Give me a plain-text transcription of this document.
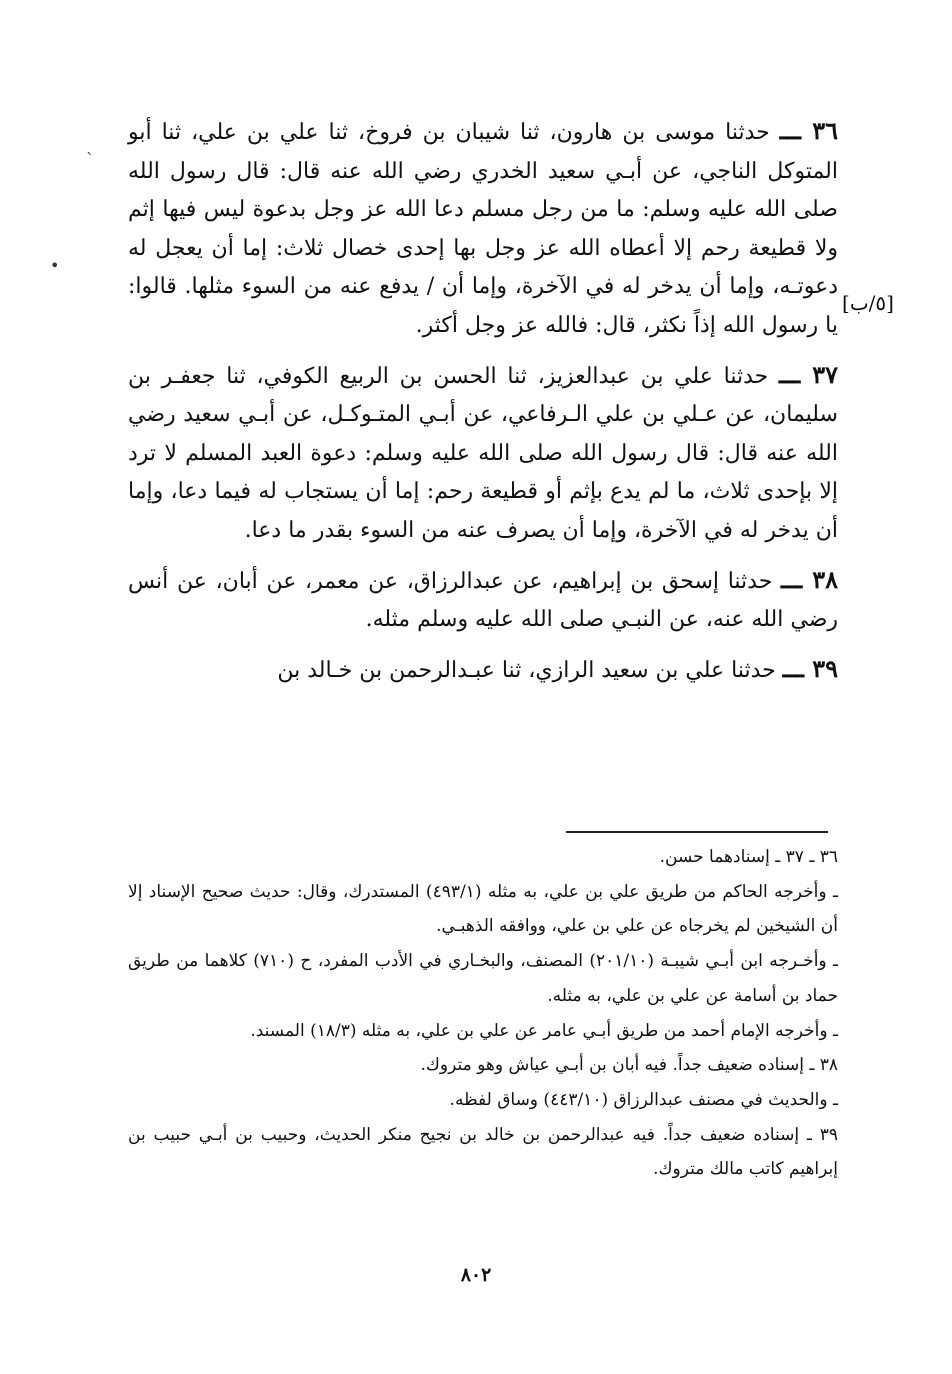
ˋ
•
[٥/ب]

٣٦ ـــ حدثنا موسى بن هارون، ثنا شيبان بن فروخ، ثنا علي بن علي، ثنا أبو المتوكل الناجي، عن أبـي سعيد الخدري رضي الله عنه قال: قال رسول الله صلى الله عليه وسلم: ما من رجل مسلم دعا الله عز وجل بدعوة ليس فيها إثم ولا قطيعة رحم إلا أعطاه الله عز وجل بها إحدى خصال ثلاث: إما أن يعجل له دعوتـه، وإما أن يدخر له في الآخرة، وإما أن / يدفع عنه من السوء مثلها. قالوا: يا رسول الله إذاً نكثر، قال: فالله عز وجل أكثر.

٣٧ ـــ حدثنا علي بن عبدالعزيز، ثنا الحسن بن الربيع الكوفي، ثنا جعفـر بن سليمان، عن عـلي بن علي الـرفاعي، عن أبـي المتـوكـل، عن أبـي سعيد رضي الله عنه قال: قال رسول الله صلى الله عليه وسلم: دعوة العبد المسلم لا ترد إلا بإحدى ثلاث، ما لم يدع بإثم أو قطيعة رحم: إما أن يستجاب له فيما دعا، وإما أن يدخر له في الآخرة، وإما أن يصرف عنه من السوء بقدر ما دعا.

٣٨ ـــ حدثنا إسحق بن إبراهيم، عن عبدالرزاق، عن معمر، عن أبان، عن أنس رضي الله عنه، عن النبـي صلى الله عليه وسلم مثله.

٣٩ ـــ حدثنا علي بن سعيد الرازي، ثنا عبـدالرحمن بن خـالد بن

٣٦ ـ ٣٧ ـ إسنادهما حسن.

ـ وأخرجه الحاكم من طريق علي بن علي، به مثله (٤٩٣/١) المستدرك، وقال: حديث صحيح الإسناد إلا أن الشيخين لم يخرجاه عن علي بن علي، ووافقه الذهبـي.

ـ وأخـرجه ابن أبـي شيبـة (٢٠١/١٠) المصنف، والبخـاري في الأدب المفرد، ح (٧١٠) كلاهما من طريق حماد بن أسامة عن علي بن علي، به مثله.

ـ وأخرجه الإمام أحمد من طريق أبـي عامر عن علي بن علي، به مثله (١٨/٣) المسند.

٣٨ ـ إسناده ضعيف جداً. فيه أبان بن أبـي عياش وهو متروك.

ـ والحديث في مصنف عبدالرزاق (٤٤٣/١٠) وساق لفظه.

٣٩ ـ إسناده ضعيف جداً. فيه عبدالرحمن بن خالد بن نجيح منكر الحديث، وحبيب بن أبـي حبيب بن إبراهيم كاتب مالك متروك.

٨٠٢
